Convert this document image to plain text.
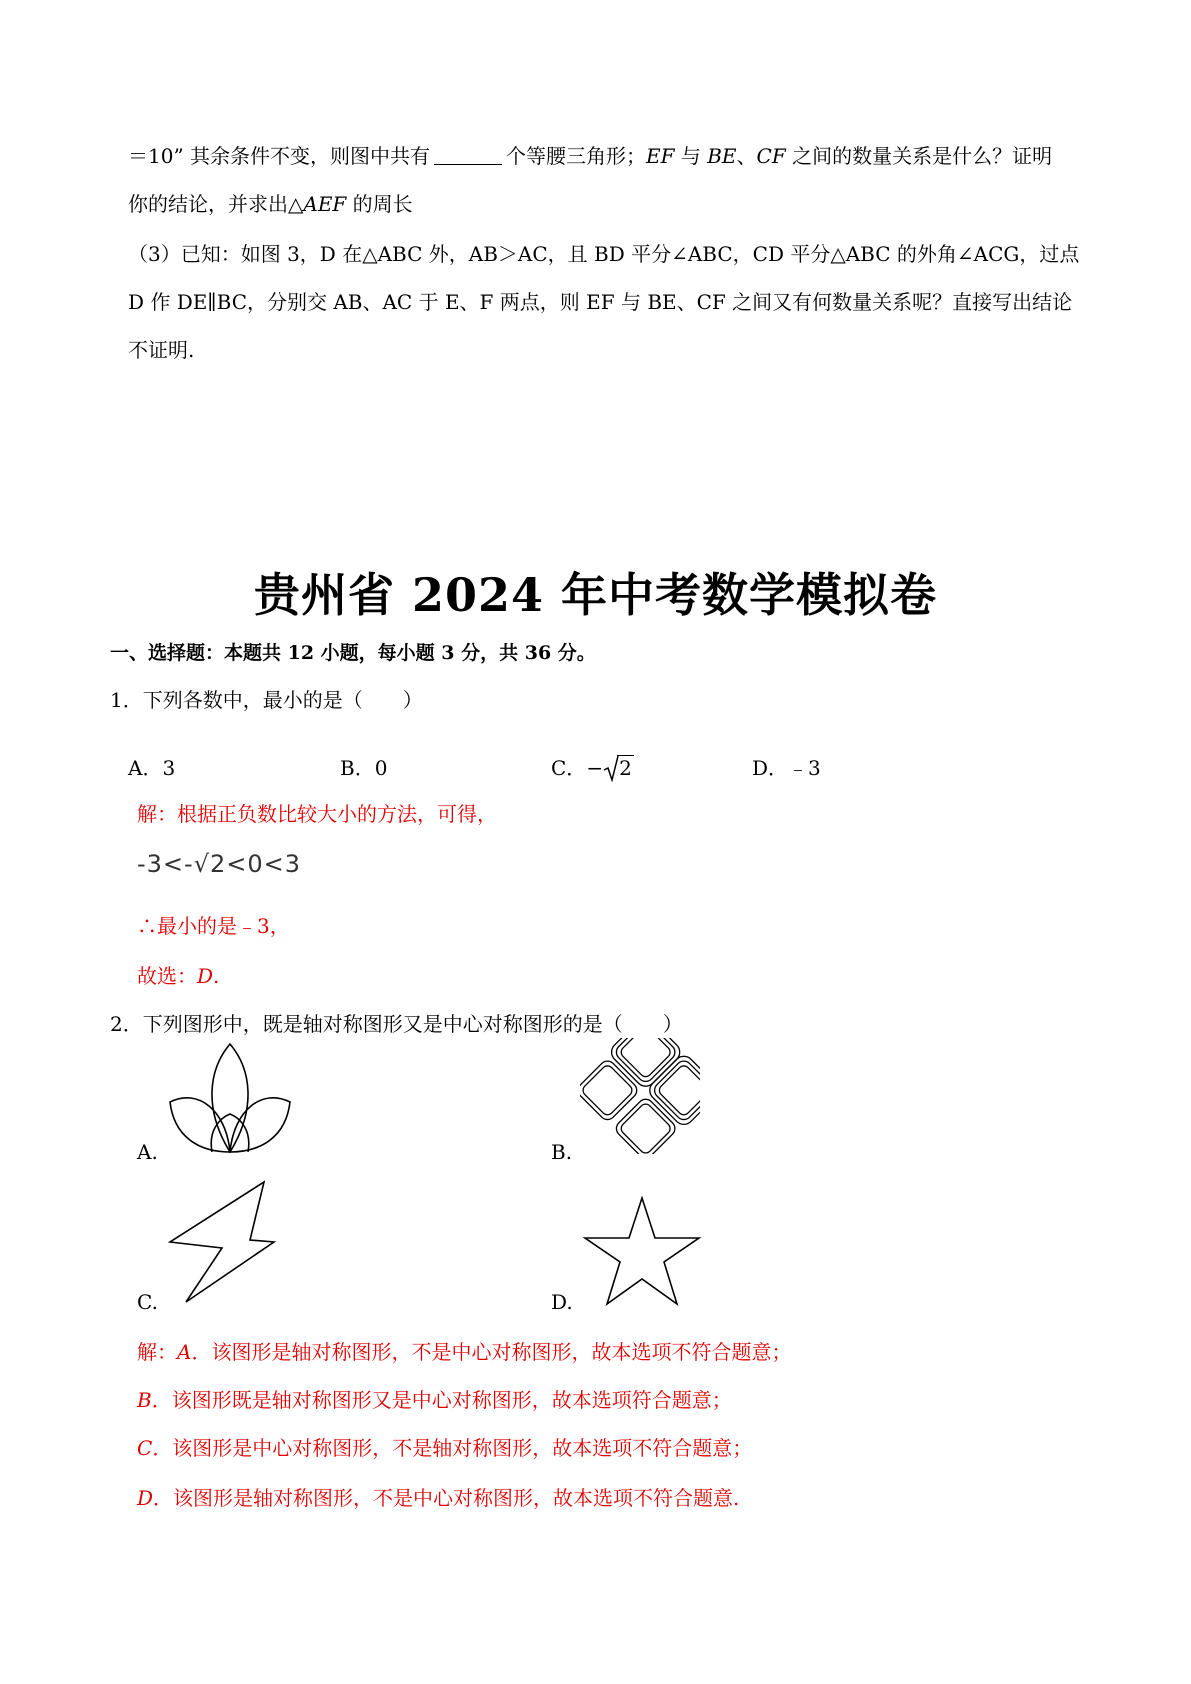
＝10” 其余条件不变，则图中共有	个等腰三角形；EF 与 BE、CF 之间的数量关系是什么？证明
你的结论，并求出△AEF 的周长
（3）已知：如图 3，D 在△ABC 外，AB＞AC，且 BD 平分∠ABC，CD 平分△ABC 的外角∠ACG，过点
D 作 DE∥BC，分别交 AB、AC 于 E、F 两点，则 EF 与 BE、CF 之间又有何数量关系呢？直接写出结论
不证明.
贵州省 2024 年中考数学模拟卷
一、选择题：本题共 12 小题，每小题 3 分，共 36 分。
1．下列各数中，最小的是（　　）
A．3	B．0	C．− 2	D．﹣3
解：根据正负数比较大小的方法，可得，
-3<-√2<0<3
∴最小的是﹣3，
故选：D.
2．下列图形中，既是轴对称图形又是中心对称图形的是（　　）
A.	B.
C.	D.
解：A．该图形是轴对称图形，不是中心对称图形，故本选项不符合题意；
B．该图形既是轴对称图形又是中心对称图形，故本选项符合题意；
C．该图形是中心对称图形，不是轴对称图形，故本选项不符合题意；
D．该图形是轴对称图形，不是中心对称图形，故本选项不符合题意.
